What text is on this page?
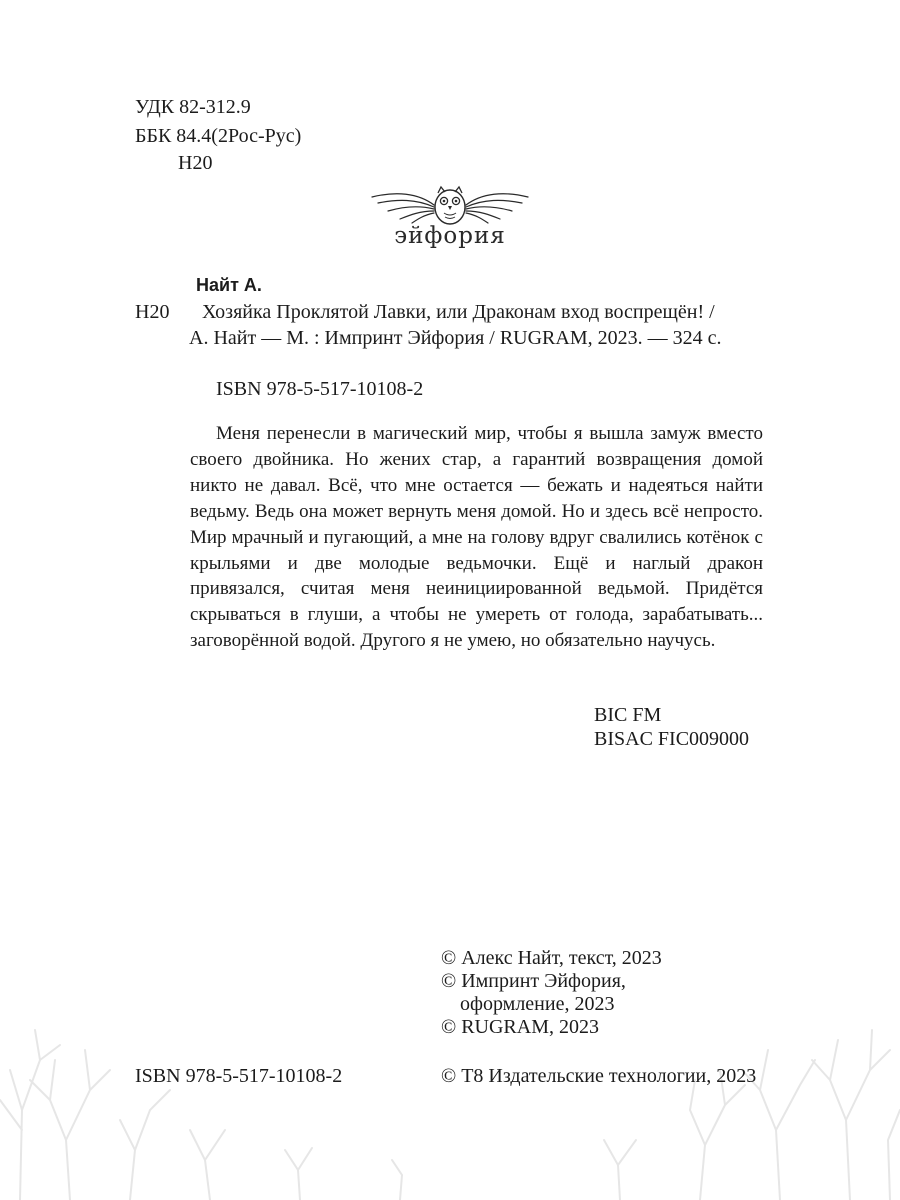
УДК 82-312.9
ББК 84.4(2Рос-Рус)
Н20
эйфория
Найт А.
Н20 Хозяйка Проклятой Лавки, или Драконам вход воспрещён! /
А. Найт — М. : Импринт Эйфория / RUGRAM, 2023. — 324 с.
ISBN 978-5-517-10108-2

Меня перенесли в магический мир, чтобы я вышла замуж вместо своего двойника. Но жених стар, а гарантий возвращения домой никто не давал. Всё, что мне остается — бежать и надеяться найти ведьму. Ведь она может вернуть меня домой. Но и здесь всё непросто. Мир мрачный и пугающий, а мне на голову вдруг свалились котёнок с крыльями и две молодые ведьмочки. Ещё и наглый дракон привязался, считая меня неинициированной ведьмой. Придётся скрываться в глуши, а чтобы не умереть от голода, зарабатывать... заговорённой водой. Другого я не умею, но обязательно научусь.

BIC FM
BISAC FIC009000
© Алекс Найт, текст, 2023
© Импринт Эйфория,
оформление, 2023
© RUGRAM, 2023
ISBN 978-5-517-10108-2	© Т8 Издательские технологии, 2023
